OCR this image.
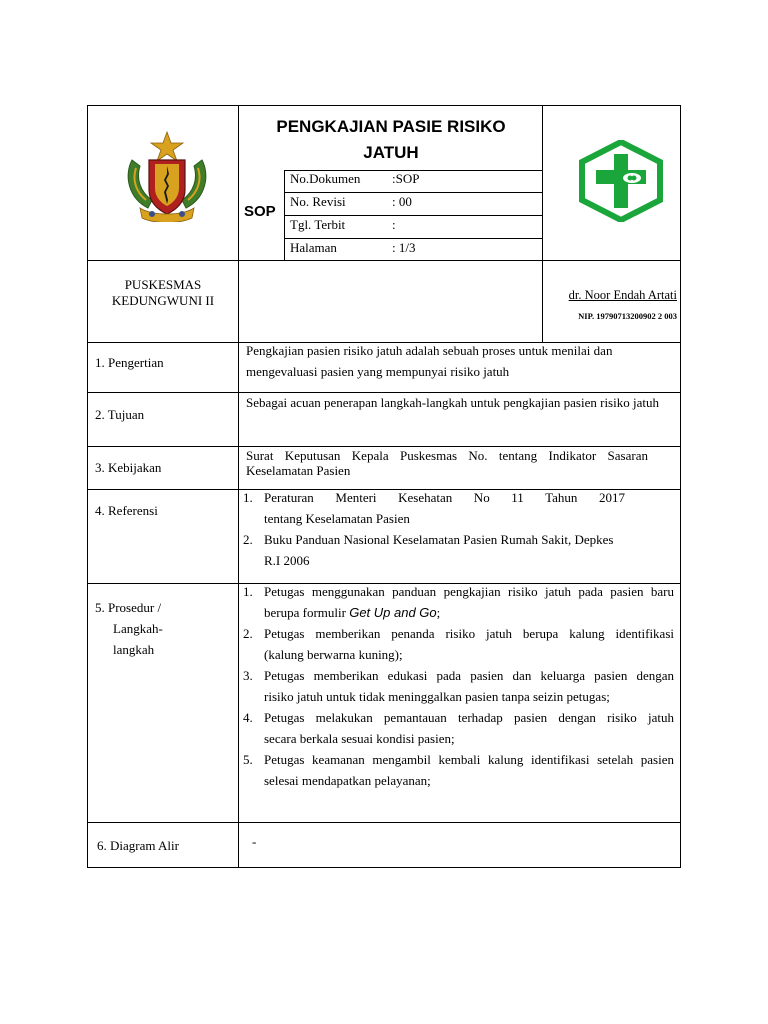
PENGKAJIAN PASIE RISIKO
JATUH
SOP
No.Dokumen :SOP
No. Revisi	: 00
Tgl. Terbit	:
Halaman	: 1/3
PUSKESMAS
KEDUNGWUNI II	dr. Noor Endah Artati
NIP. 19790713200902 2 003
1. Pengertian
Pengkajian pasien risiko jatuh adalah sebuah proses untuk menilai dan mengevaluasi pasien yang mempunyai risiko jatuh
2. Tujuan
Sebagai acuan penerapan langkah-langkah untuk pengkajian pasien risiko jatuh
3. Kebijakan
Surat Keputusan Kepala Puskesmas No. tentang Indikator Sasaran
Keselamatan Pasien
4. Referensi
1. Peraturan    Menteri    Kesehatan    No    11    Tahun    2017
tentang Keselamatan Pasien
2. Buku Panduan Nasional Keselamatan Pasien Rumah Sakit, Depkes
R.I 2006
5. Prosedur /
Langkah-
langkah
1. Petugas menggunakan panduan pengkajian risiko jatuh pada pasien baru
berupa formulir Get Up and Go;
2. Petugas memberikan penanda risiko jatuh berupa kalung identifikasi
(kalung berwarna kuning);
3. Petugas memberikan edukasi pada pasien dan keluarga pasien dengan
risiko jatuh untuk tidak meninggalkan pasien tanpa seizin petugas;
4. Petugas melakukan pemantauan terhadap pasien dengan risiko jatuh
secara berkala sesuai kondisi pasien;
5. Petugas keamanan mengambil kembali kalung identifikasi setelah pasien
selesai mendapatkan pelayanan;
6. Diagram Alir	-
